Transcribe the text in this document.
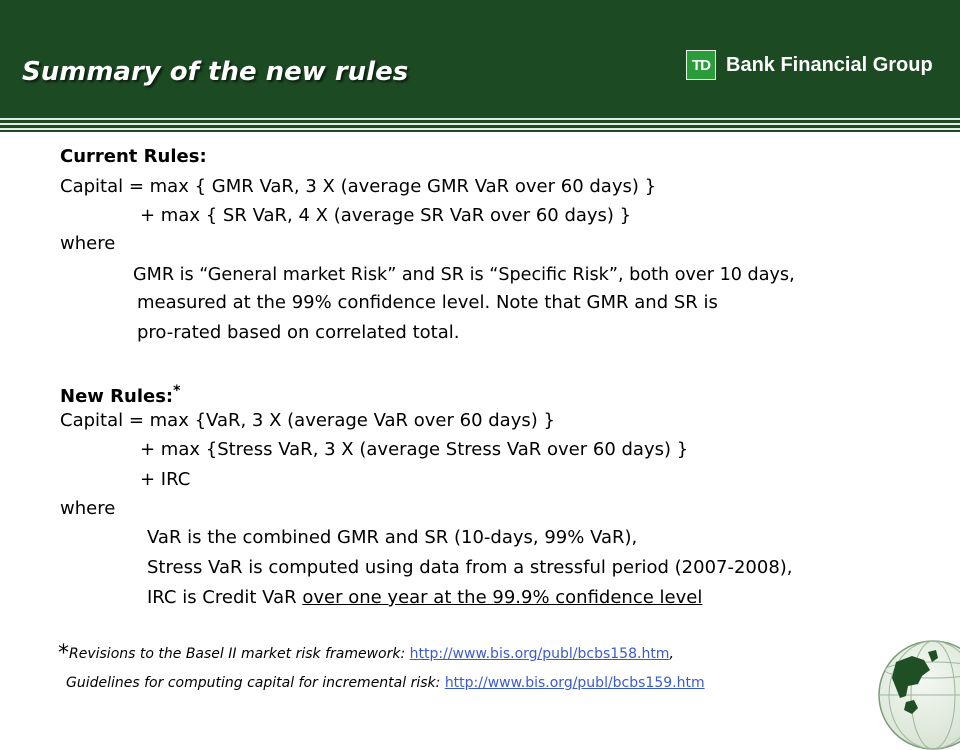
Summary of the new rules	TD Bank Financial Group
Current Rules:
Capital = max { GMR VaR, 3 X (average GMR VaR over 60 days) }
+ max { SR VaR, 4 X (average SR VaR over 60 days) }
where
GMR is “General market Risk” and SR is “Specific Risk”, both over 10 days,
measured at the 99% confidence level. Note that GMR and SR is
pro-rated based on correlated total.
New Rules:*
Capital = max {VaR, 3 X (average VaR over 60 days) }
+ max {Stress VaR, 3 X (average Stress VaR over 60 days) }
+ IRC
where
VaR is the combined GMR and SR (10-days, 99% VaR),
Stress VaR is computed using data from a stressful period (2007-2008),
IRC is Credit VaR over one year at the 99.9% confidence level
*Revisions to the Basel II market risk framework: http://www.bis.org/publ/bcbs158.htm,
Guidelines for computing capital for incremental risk: http://www.bis.org/publ/bcbs159.htm
